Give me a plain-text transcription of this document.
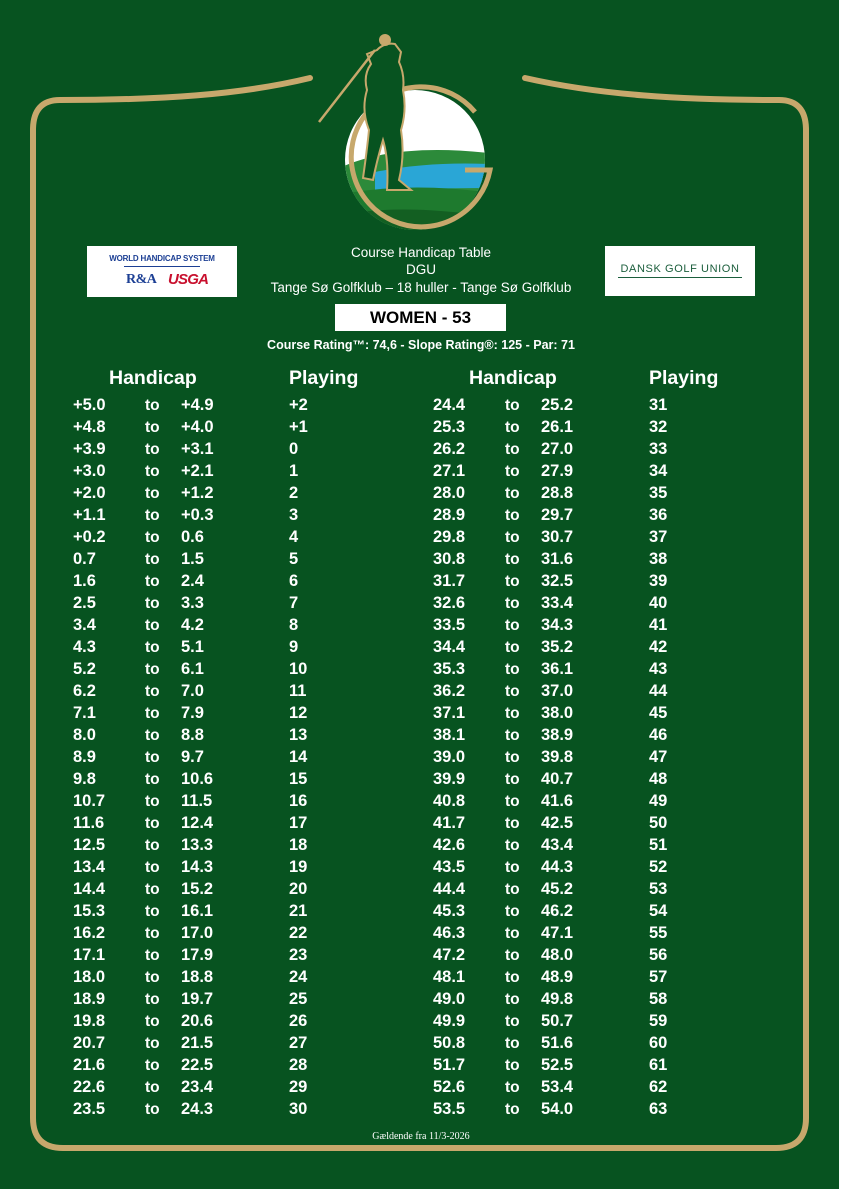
WORLD HANDICAP SYSTEM
R&A USGA
DANSK GOLF UNION
Course Handicap Table
DGU
Tange Sø Golfklub – 18 huller - Tange Sø Golfklub
WOMEN - 53
Course Rating™: 74,6 - Slope Rating®: 125 - Par: 71
Handicap	Playing	Handicap	Playing
+5.0	to +4.9	+2
+4.8	to +4.0	+1
+3.9	to +3.1	0
+3.0	to +2.1	1
+2.0	to +1.2	2
+1.1	to +0.3	3
+0.2	to 0.6	4
0.7	to 1.5	5
1.6	to 2.4	6
2.5	to 3.3	7
3.4	to 4.2	8
4.3	to 5.1	9
5.2	to 6.1	10
6.2	to 7.0	11
7.1	to 7.9	12
8.0	to 8.8	13
8.9	to 9.7	14
9.8	to 10.6	15
10.7	to 11.5	16
11.6	to 12.4	17
12.5	to 13.3	18
13.4	to 14.3	19
14.4	to 15.2	20
15.3	to 16.1	21
16.2	to 17.0	22
17.1	to 17.9	23
18.0	to 18.8	24
18.9	to 19.7	25
19.8	to 20.6	26
20.7	to 21.5	27
21.6	to 22.5	28
22.6	to 23.4	29
23.5	to 24.3	30
24.4	to 25.2	31
25.3	to 26.1	32
26.2	to 27.0	33
27.1	to 27.9	34
28.0	to 28.8	35
28.9	to 29.7	36
29.8	to 30.7	37
30.8	to 31.6	38
31.7	to 32.5	39
32.6	to 33.4	40
33.5	to 34.3	41
34.4	to 35.2	42
35.3	to 36.1	43
36.2	to 37.0	44
37.1	to 38.0	45
38.1	to 38.9	46
39.0	to 39.8	47
39.9	to 40.7	48
40.8	to 41.6	49
41.7	to 42.5	50
42.6	to 43.4	51
43.5	to 44.3	52
44.4	to 45.2	53
45.3	to 46.2	54
46.3	to 47.1	55
47.2	to 48.0	56
48.1	to 48.9	57
49.0	to 49.8	58
49.9	to 50.7	59
50.8	to 51.6	60
51.7	to 52.5	61
52.6	to 53.4	62
53.5	to 54.0	63
Gældende fra 11/3-2026
